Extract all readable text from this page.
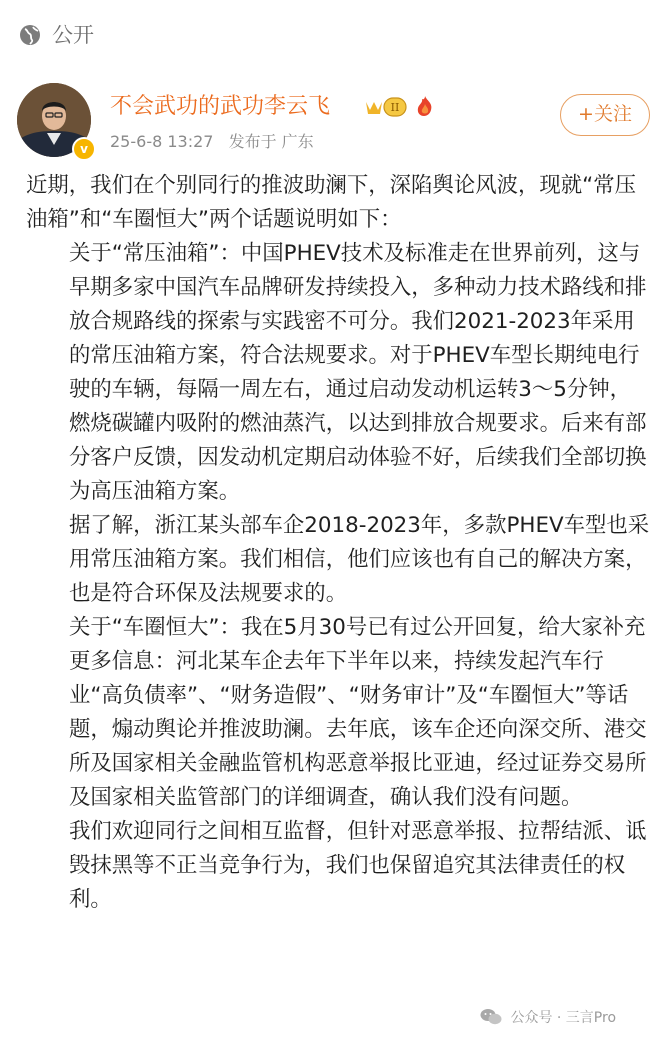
公开
v
不会武功的武功李云飞	II
25-6-8 13:27 发布于 广东
+关注

近期，我们在个别同行的推波助澜下，深陷舆论风波，现就“常压油箱”和“车圈恒大”两个话题说明如下：

关于“常压油箱”：中国PHEV技术及标准走在世界前列，这与早期多家中国汽车品牌研发持续投入，多种动力技术路线和排放合规路线的探索与实践密不可分。我们2021-2023年采用的常压油箱方案，符合法规要求。对于PHEV车型长期纯电行驶的车辆，每隔一周左右，通过启动发动机运转3～5分钟，燃烧碳罐内吸附的燃油蒸汽，以达到排放合规要求。后来有部分客户反馈，因发动机定期启动体验不好，后续我们全部切换为高压油箱方案。

据了解，浙江某头部车企2018-2023年，多款PHEV车型也采用常压油箱方案。我们相信，他们应该也有自己的解决方案，也是符合环保及法规要求的。

关于“车圈恒大”：我在5月30号已有过公开回复，给大家补充更多信息：河北某车企去年下半年以来，持续发起汽车行业“高负债率”、“财务造假”、“财务审计”及“车圈恒大”等话题，煽动舆论并推波助澜。去年底，该车企还向深交所、港交所及国家相关金融监管机构恶意举报比亚迪，经过证券交易所及国家相关监管部门的详细调查，确认我们没有问题。

我们欢迎同行之间相互监督，但针对恶意举报、拉帮结派、诋毁抹黑等不正当竞争行为，我们也保留追究其法律责任的权利。

公众号 · 三言Pro
